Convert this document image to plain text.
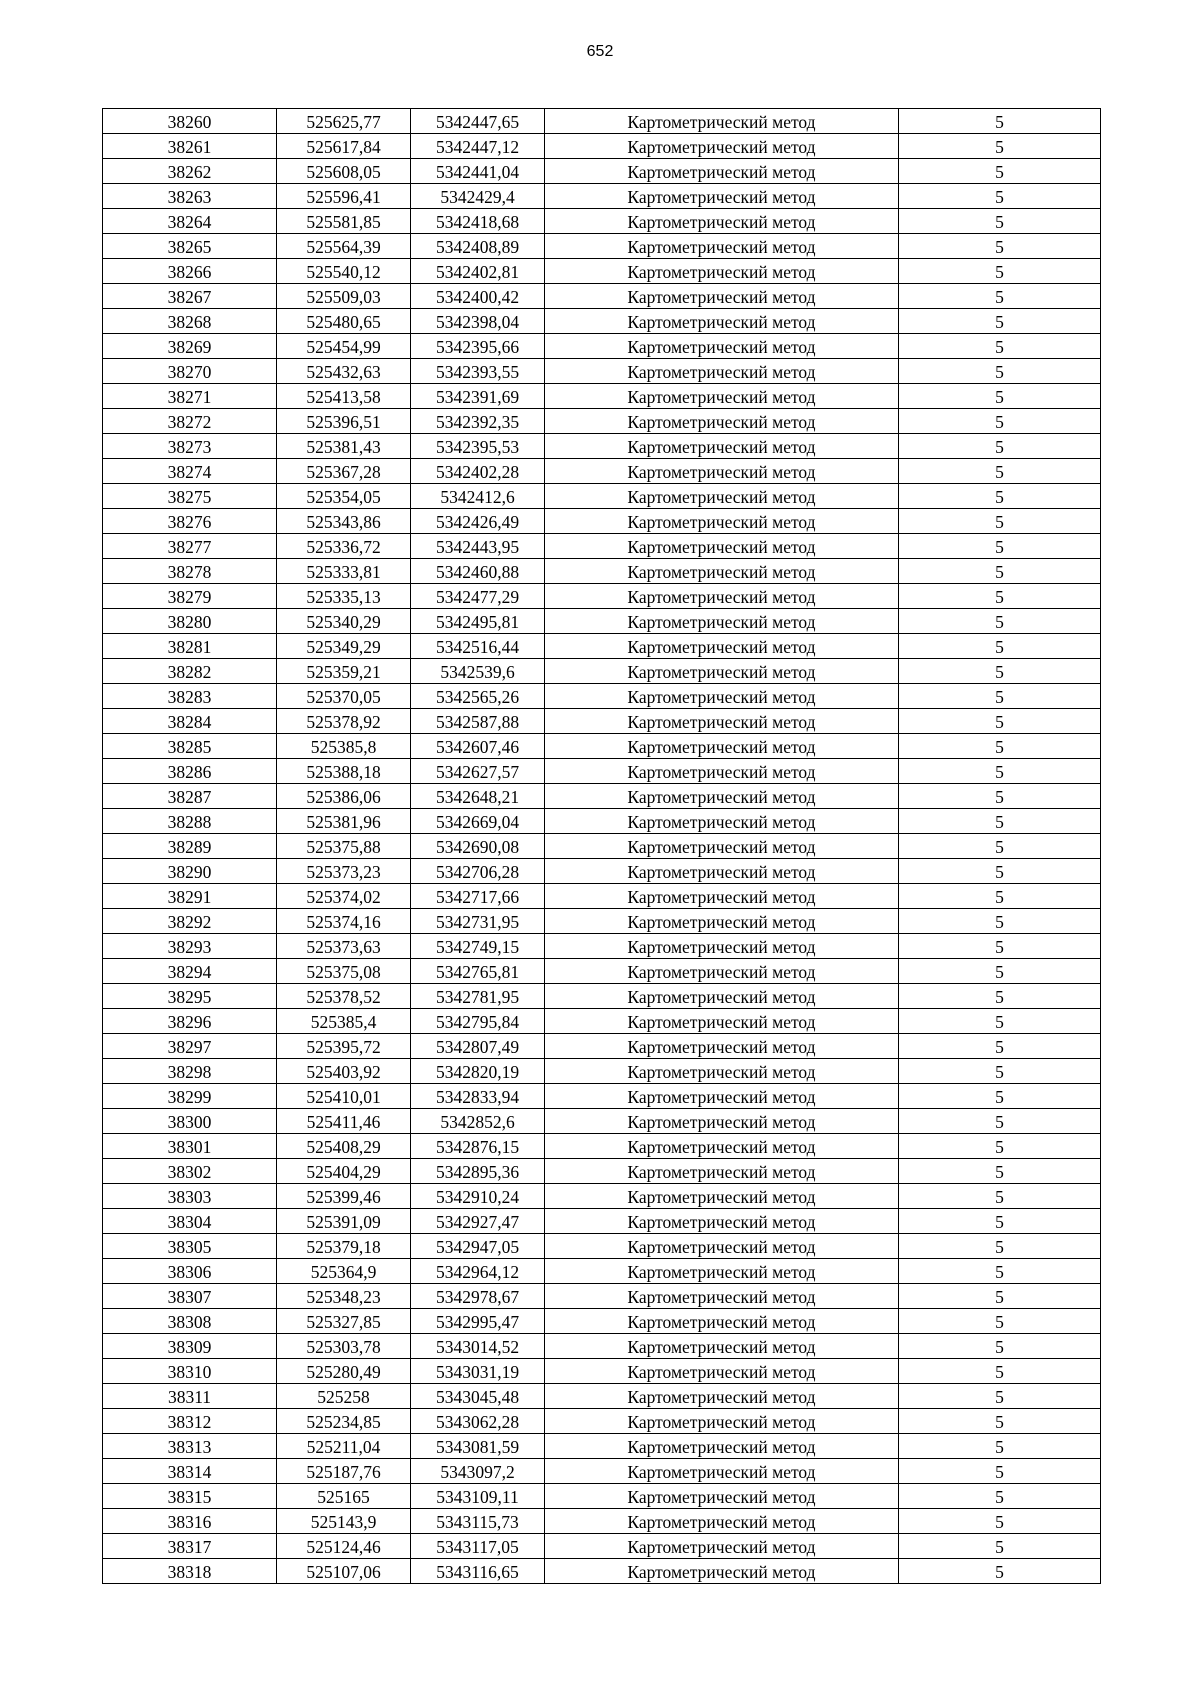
652
38260	525625,77	5342447,65	Картометрический метод	5
38261	525617,84	5342447,12	Картометрический метод	5
38262	525608,05	5342441,04	Картометрический метод	5
38263	525596,41	5342429,4	Картометрический метод	5
38264	525581,85	5342418,68	Картометрический метод	5
38265	525564,39	5342408,89	Картометрический метод	5
38266	525540,12	5342402,81	Картометрический метод	5
38267	525509,03	5342400,42	Картометрический метод	5
38268	525480,65	5342398,04	Картометрический метод	5
38269	525454,99	5342395,66	Картометрический метод	5
38270	525432,63	5342393,55	Картометрический метод	5
38271	525413,58	5342391,69	Картометрический метод	5
38272	525396,51	5342392,35	Картометрический метод	5
38273	525381,43	5342395,53	Картометрический метод	5
38274	525367,28	5342402,28	Картометрический метод	5
38275	525354,05	5342412,6	Картометрический метод	5
38276	525343,86	5342426,49	Картометрический метод	5
38277	525336,72	5342443,95	Картометрический метод	5
38278	525333,81	5342460,88	Картометрический метод	5
38279	525335,13	5342477,29	Картометрический метод	5
38280	525340,29	5342495,81	Картометрический метод	5
38281	525349,29	5342516,44	Картометрический метод	5
38282	525359,21	5342539,6	Картометрический метод	5
38283	525370,05	5342565,26	Картометрический метод	5
38284	525378,92	5342587,88	Картометрический метод	5
38285	525385,8	5342607,46	Картометрический метод	5
38286	525388,18	5342627,57	Картометрический метод	5
38287	525386,06	5342648,21	Картометрический метод	5
38288	525381,96	5342669,04	Картометрический метод	5
38289	525375,88	5342690,08	Картометрический метод	5
38290	525373,23	5342706,28	Картометрический метод	5
38291	525374,02	5342717,66	Картометрический метод	5
38292	525374,16	5342731,95	Картометрический метод	5
38293	525373,63	5342749,15	Картометрический метод	5
38294	525375,08	5342765,81	Картометрический метод	5
38295	525378,52	5342781,95	Картометрический метод	5
38296	525385,4	5342795,84	Картометрический метод	5
38297	525395,72	5342807,49	Картометрический метод	5
38298	525403,92	5342820,19	Картометрический метод	5
38299	525410,01	5342833,94	Картометрический метод	5
38300	525411,46	5342852,6	Картометрический метод	5
38301	525408,29	5342876,15	Картометрический метод	5
38302	525404,29	5342895,36	Картометрический метод	5
38303	525399,46	5342910,24	Картометрический метод	5
38304	525391,09	5342927,47	Картометрический метод	5
38305	525379,18	5342947,05	Картометрический метод	5
38306	525364,9	5342964,12	Картометрический метод	5
38307	525348,23	5342978,67	Картометрический метод	5
38308	525327,85	5342995,47	Картометрический метод	5
38309	525303,78	5343014,52	Картометрический метод	5
38310	525280,49	5343031,19	Картометрический метод	5
38311	525258	5343045,48	Картометрический метод	5
38312	525234,85	5343062,28	Картометрический метод	5
38313	525211,04	5343081,59	Картометрический метод	5
38314	525187,76	5343097,2	Картометрический метод	5
38315	525165	5343109,11	Картометрический метод	5
38316	525143,9	5343115,73	Картометрический метод	5
38317	525124,46	5343117,05	Картометрический метод	5
38318	525107,06	5343116,65	Картометрический метод	5
